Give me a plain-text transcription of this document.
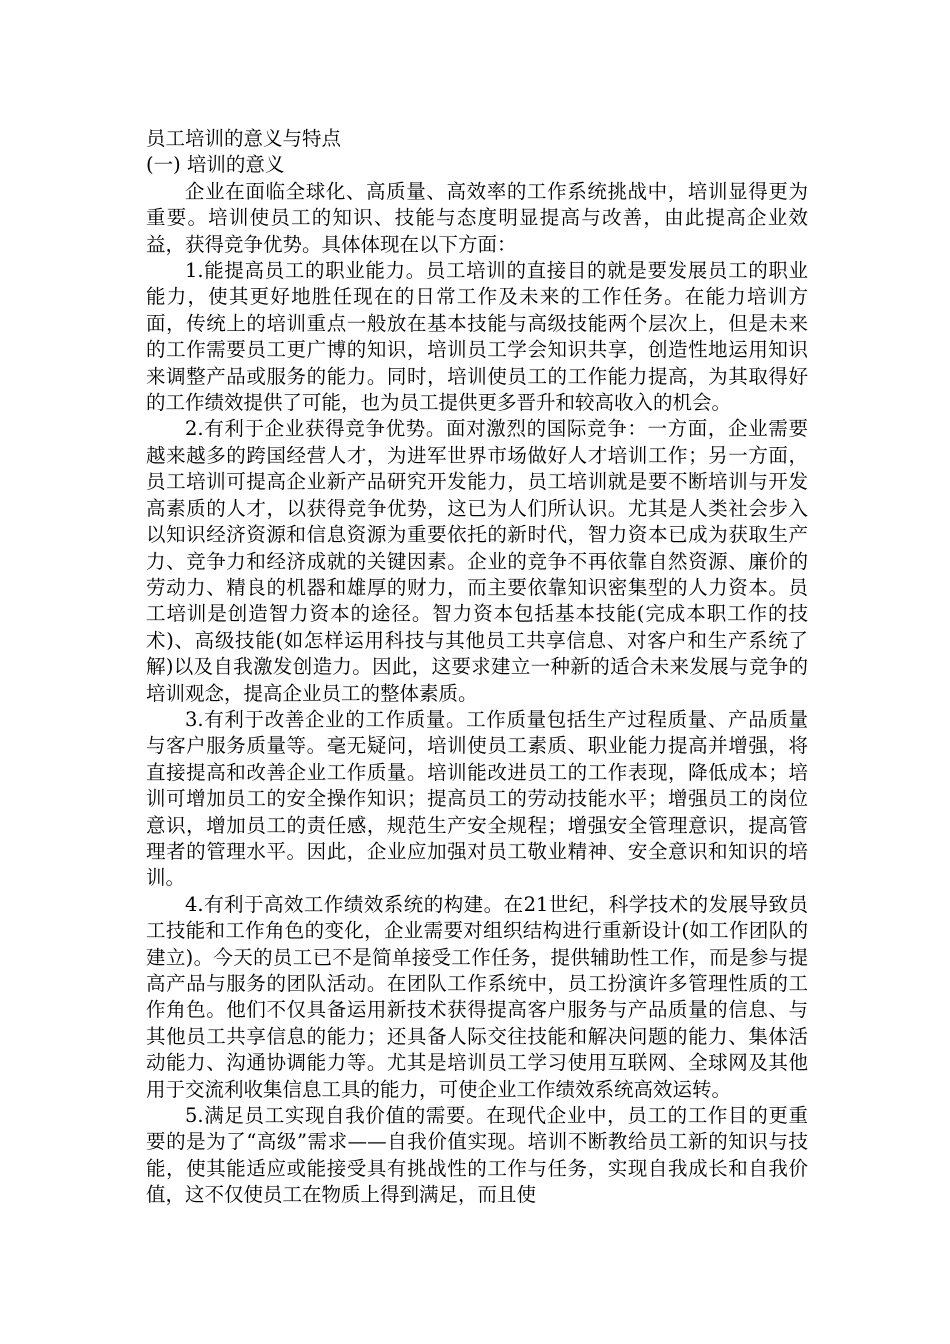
员工培训的意义与特点

(一) 培训的意义

企业在面临全球化、高质量、高效率的工作系统挑战中，培训显得更为重要。培训使员工的知识、技能与态度明显提高与改善，由此提高企业效益，获得竞争优势。具体体现在以下方面：

1.能提高员工的职业能力。员工培训的直接目的就是要发展员工的职业能力，使其更好地胜任现在的日常工作及未来的工作任务。在能力培训方面，传统上的培训重点一般放在基本技能与高级技能两个层次上，但是未来的工作需要员工更广博的知识，培训员工学会知识共享，创造性地运用知识来调整产品或服务的能力。同时，培训使员工的工作能力提高，为其取得好的工作绩效提供了可能，也为员工提供更多晋升和较高收入的机会。

2.有利于企业获得竞争优势。面对激烈的国际竞争：一方面，企业需要越来越多的跨国经营人才，为进军世界市场做好人才培训工作；另一方面，员工培训可提高企业新产品研究开发能力，员工培训就是要不断培训与开发高素质的人才，以获得竞争优势，这已为人们所认识。尤其是人类社会步入以知识经济资源和信息资源为重要依托的新时代，智力资本已成为获取生产力、竞争力和经济成就的关键因素。企业的竞争不再依靠自然资源、廉价的劳动力、精良的机器和雄厚的财力，而主要依靠知识密集型的人力资本。员工培训是创造智力资本的途径。智力资本包括基本技能(完成本职工作的技术)、高级技能(如怎样运用科技与其他员工共享信息、对客户和生产系统了解)以及自我激发创造力。因此，这要求建立一种新的适合未来发展与竞争的培训观念，提高企业员工的整体素质。

3.有利于改善企业的工作质量。工作质量包括生产过程质量、产品质量与客户服务质量等。毫无疑问，培训使员工素质、职业能力提高并增强，将直接提高和改善企业工作质量。培训能改进员工的工作表现，降低成本；培训可增加员工的安全操作知识；提高员工的劳动技能水平；增强员工的岗位意识，增加员工的责任感，规范生产安全规程；增强安全管理意识，提高管理者的管理水平。因此，企业应加强对员工敬业精神、安全意识和知识的培训。

4.有利于高效工作绩效系统的构建。在21世纪，科学技术的发展导致员工技能和工作角色的变化，企业需要对组织结构进行重新设计(如工作团队的建立)。今天的员工已不是简单接受工作任务，提供辅助性工作，而是参与提高产品与服务的团队活动。在团队工作系统中，员工扮演许多管理性质的工作角色。他们不仅具备运用新技术获得提高客户服务与产品质量的信息、与其他员工共享信息的能力；还具备人际交往技能和解决问题的能力、集体活动能力、沟通协调能力等。尤其是培训员工学习使用互联网、全球网及其他用于交流利收集信息工具的能力，可使企业工作绩效系统高效运转。

5.满足员工实现自我价值的需要。在现代企业中，员工的工作目的更重要的是为了“高级”需求——自我价值实现。培训不断教给员工新的知识与技能，使其能适应或能接受具有挑战性的工作与任务，实现自我成长和自我价值，这不仅使员工在物质上得到满足，而且使
